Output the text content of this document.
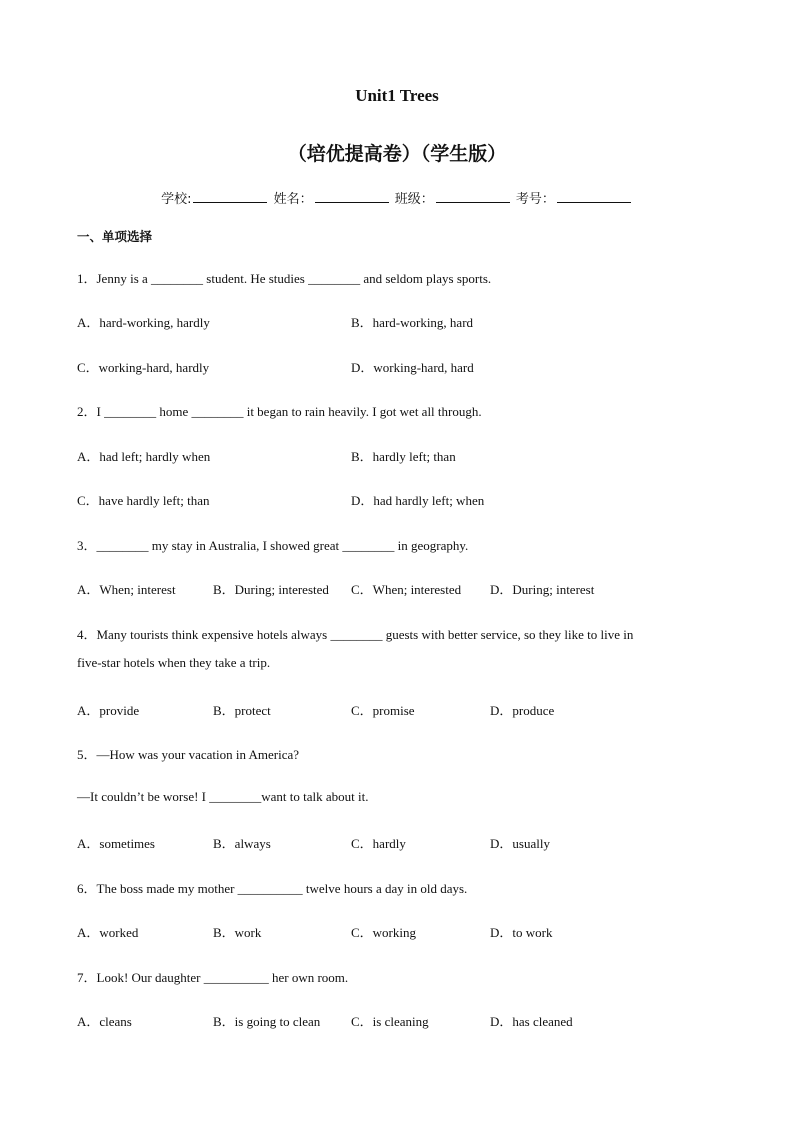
Unit1 Trees
（培优提高卷）（学生版）
学校:	姓名：	班级：	考号：
一、单项选择
1．Jenny is a ________ student. He studies ________ and seldom plays sports.
A．hard-working, hardly	B．hard-working, hard
C．working-hard, hardly	D．working-hard, hard
2．I ________ home ________ it began to rain heavily. I got wet all through.
A．had left; hardly when	B．hardly left; than
C．have hardly left; than	D．had hardly left; when
3．________ my stay in Australia, I showed great ________ in geography.
A．When; interest	B．During; interested C．When; interested D．During; interest
4．Many tourists think expensive hotels always ________ guests with better service, so they like to live in
five-star hotels when they take a trip.
A．provide	B．protect	C．promise	D．produce
5．—How was your vacation in America?
—It couldn’t be worse! I ________want to talk about it.
A．sometimes	B．always	C．hardly	D．usually
6．The boss made my mother __________ twelve hours a day in old days.
A．worked	B．work	C．working	D．to work
7．Look! Our daughter __________ her own room.
A．cleans	B．is going to clean C．is cleaning	D．has cleaned
